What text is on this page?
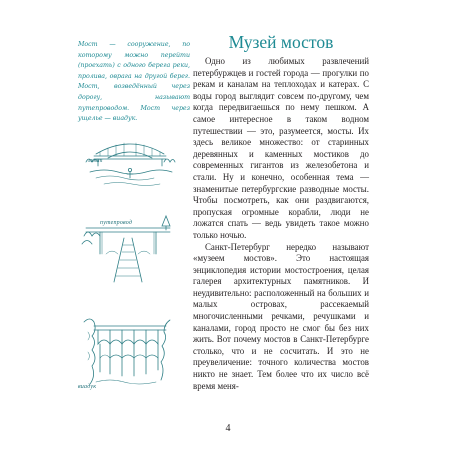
Мост — сооружение, по которому можно перейти (проехать) с одного берега реки, пролива, оврага на другой берег. Мост, возведённый через дорогу, называют путепроводом. Мост через ущелье — виадук.
мост
путепровод
виадук
Музей мостов

Одно из любимых развлечений петербуржцев и гостей города — прогулки по рекам и каналам на теплоходах и катерах. С воды город выглядит совсем по-другому, чем когда передвигаешься по нему пешком. А самое интересное в таком водном путешествии — это, разумеется, мосты. Их здесь великое множество: от старинных деревянных и каменных мостиков до современных гигантов из железобетона и стали. Ну и конечно, особенная тема — знаменитые петербургские разводные мосты. Чтобы посмотреть, как они раздвигаются, пропуская огромные корабли, люди не ложатся спать — ведь увидеть такое можно только ночью.

Санкт-Петербург нередко называют «музеем мостов». Это настоящая энциклопедия истории мостостроения, целая галерея архитектурных памятников. И неудивительно: расположенный на больших и малых островах, рассекаемый многочисленными речками, речушками и каналами, город просто не смог бы без них жить. Вот почему мостов в Санкт-Петербурге столько, что и не сосчитать. И это не преувеличение: точного количества мостов никто не знает. Тем более что их число всё время меня-

4
